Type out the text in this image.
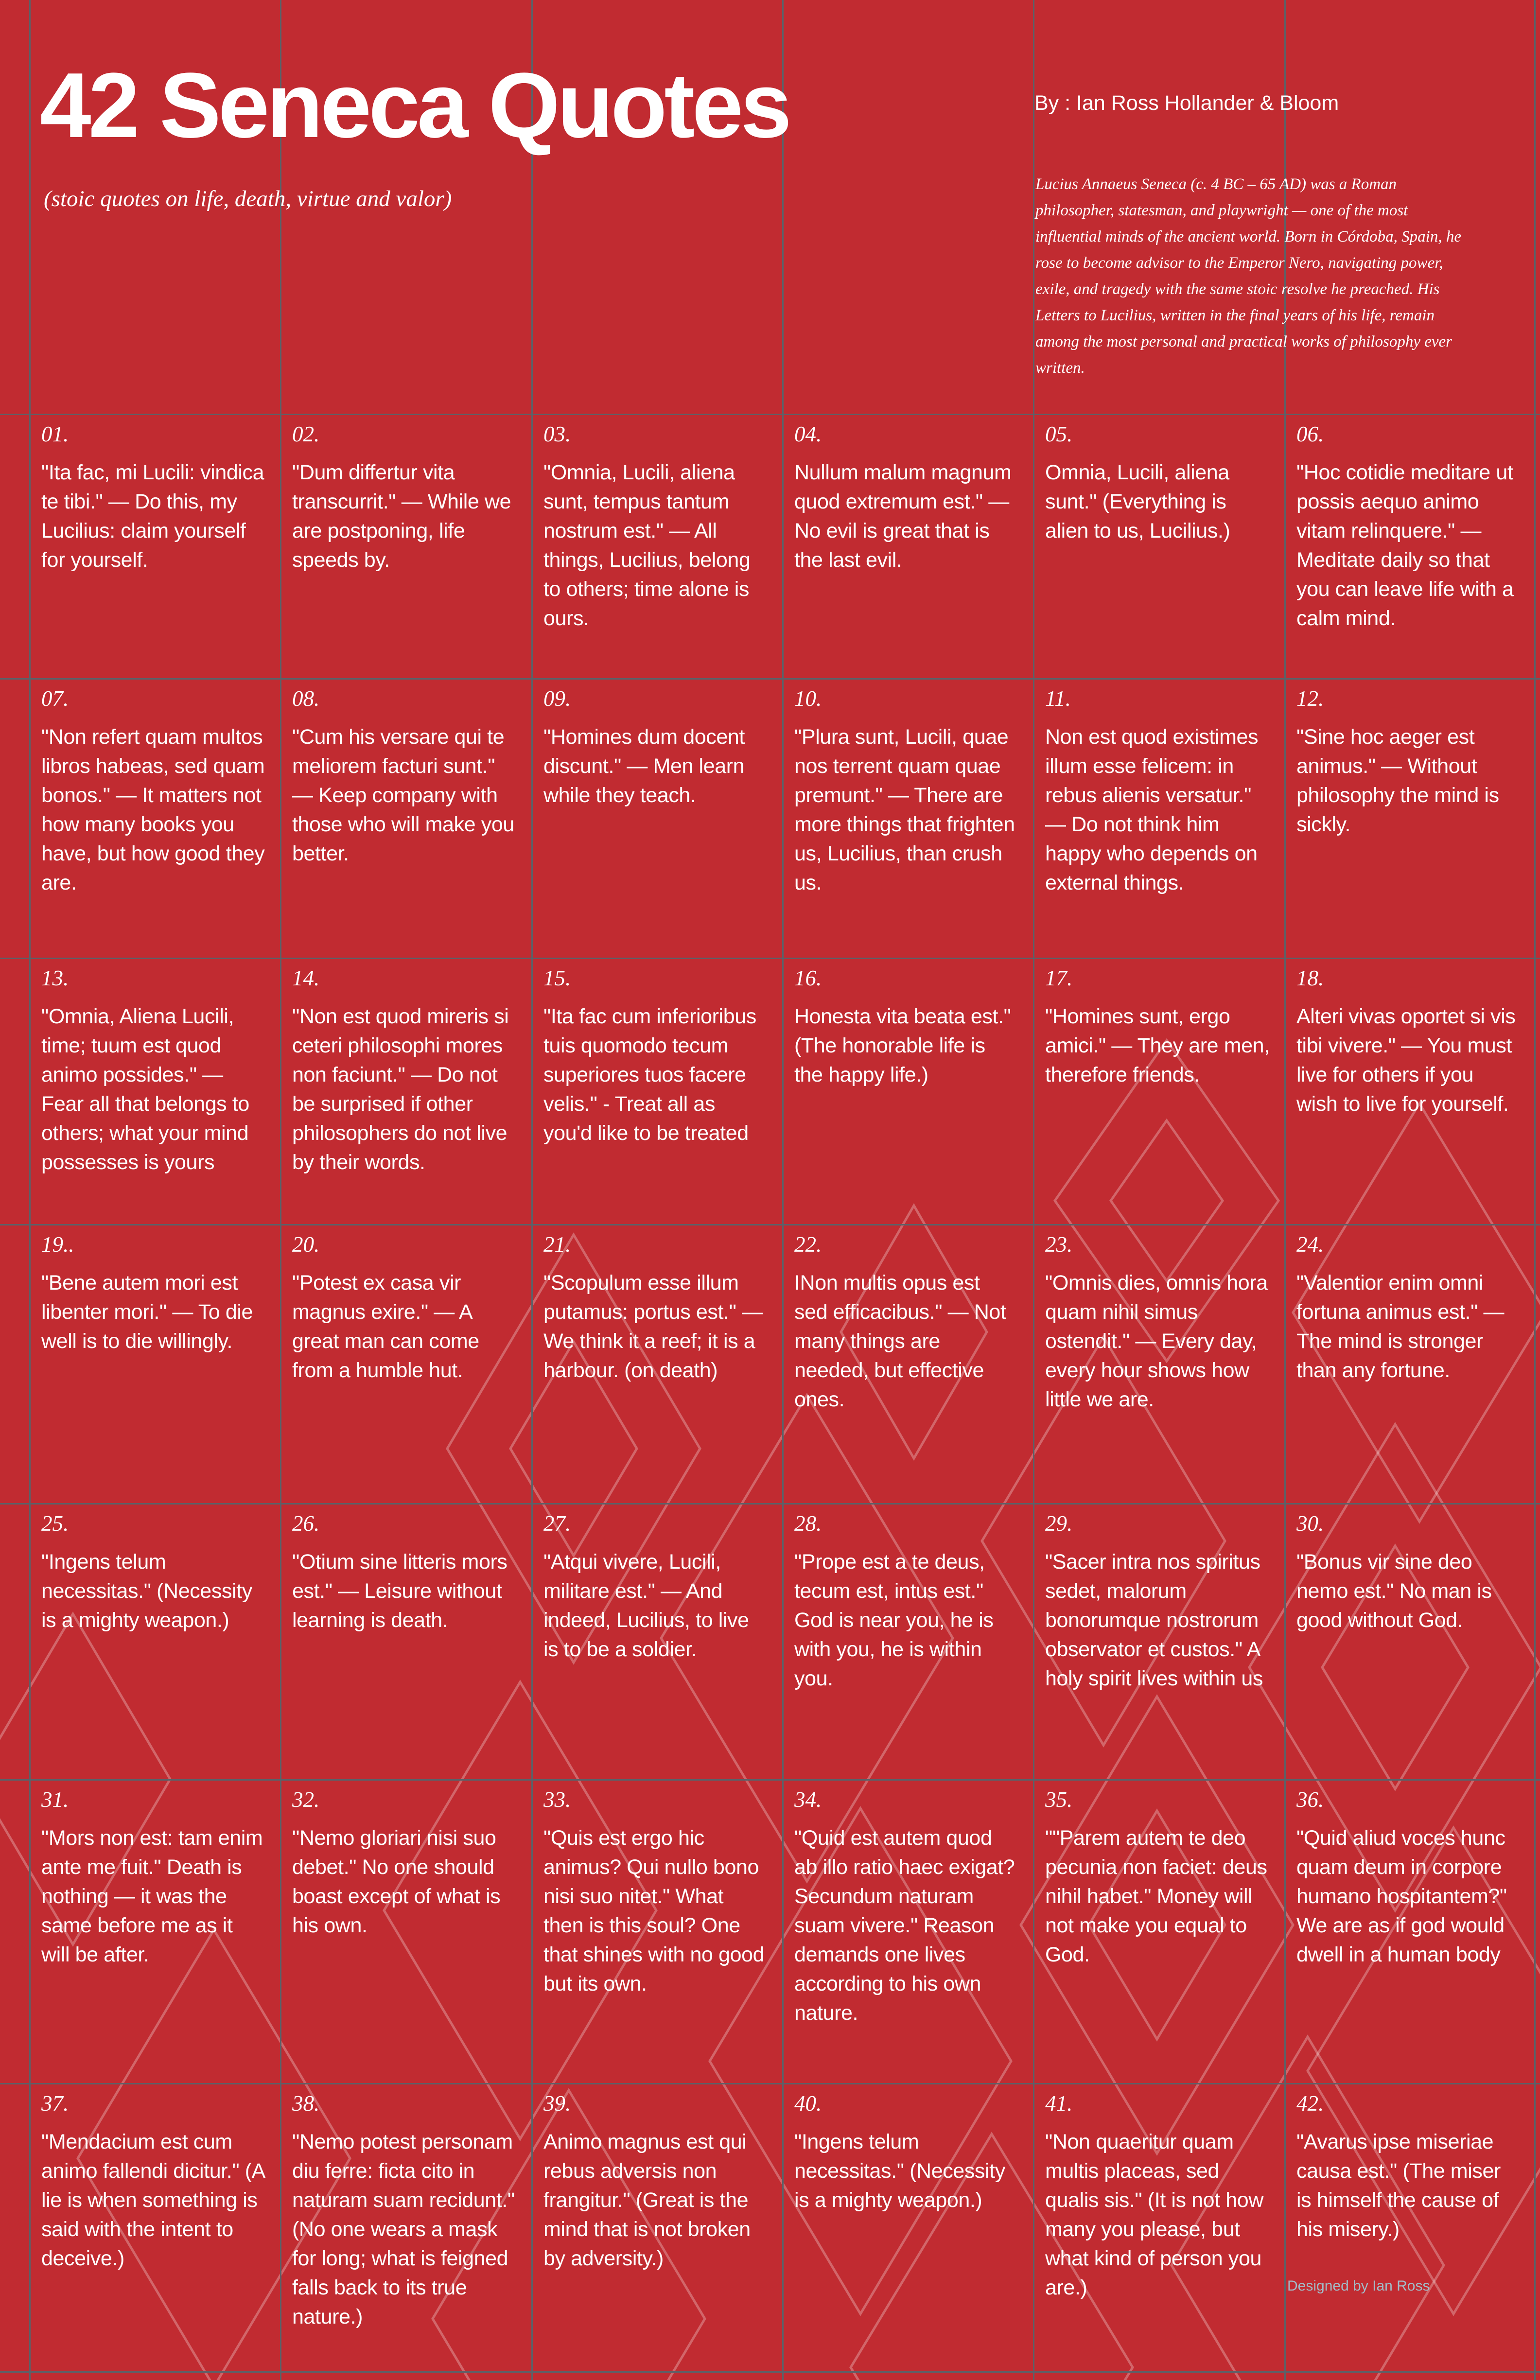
42 Seneca Quotes
(stoic quotes on life, death, virtue and valor)
By : Ian Ross Hollander & Bloom

Lucius Annaeus Seneca (c. 4 BC – 65 AD) was a Roman philosopher, statesman, and playwright — one of the most influential minds of the ancient world. Born in Córdoba, Spain, he rose to become advisor to the Emperor Nero, navigating power, exile, and tragedy with the same stoic resolve he preached. His Letters to Lucilius, written in the final years of his life, remain among the most personal and practical works of philosophy ever written.

01.

"Ita fac, mi Lucili: vindica te tibi." — Do this, my Lucilius: claim yourself for yourself.

02.

"Dum differtur vita transcurrit." — While we are postponing, life speeds by.

03.

"Omnia, Lucili, aliena sunt, tempus tantum nostrum est." — All things, Lucilius, belong to others; time alone is ours.

04.

Nullum malum magnum quod extremum est." — No evil is great that is the last evil.

05.

Omnia, Lucili, aliena sunt." (Everything is alien to us, Lucilius.)

06.

"Hoc cotidie meditare ut possis aequo animo vitam relinquere." — Meditate daily so that you can leave life with a calm mind.

07.

"Non refert quam multos libros habeas, sed quam bonos." — It matters not how many books you have, but how good they are.

08.

"Cum his versare qui te meliorem facturi sunt." — Keep company with those who will make you better.

09.

"Homines dum docent discunt." — Men learn while they teach.

10.

"Plura sunt, Lucili, quae nos terrent quam quae premunt." — There are more things that frighten us, Lucilius, than crush us.

11.

Non est quod existimes illum esse felicem: in rebus alienis versatur." — Do not think him happy who depends on external things.

12.

"Sine hoc aeger est animus." — Without philosophy the mind is sickly.

13.

"Omnia, Aliena Lucili, time; tuum est quod animo possides." — Fear all that belongs to others; what your mind possesses is yours

14.

"Non est quod mireris si ceteri philosophi mores non faciunt." — Do not be surprised if other philosophers do not live by their words.

15.

"Ita fac cum inferioribus tuis quomodo tecum superiores tuos facere velis." - Treat all as you'd like to be treated

16.

Honesta vita beata est." (The honorable life is the happy life.)

17.

"Homines sunt, ergo amici." — They are men, therefore friends.

18.

Alteri vivas oportet si vis tibi vivere." — You must live for others if you wish to live for yourself.

19..

"Bene autem mori est libenter mori." — To die well is to die willingly.

20.

"Potest ex casa vir magnus exire." — A great man can come from a humble hut.

21.

"Scopulum esse illum putamus: portus est." — We think it a reef; it is a harbour. (on death)

22.

INon multis opus est sed efficacibus." — Not many things are needed, but effective ones.

23.

"Omnis dies, omnis hora quam nihil simus ostendit." — Every day, every hour shows how little we are.

24.

"Valentior enim omni fortuna animus est." — The mind is stronger than any fortune.

25.

"Ingens telum necessitas." (Necessity is a mighty weapon.)

26.

"Otium sine litteris mors est." — Leisure without learning is death.

27.

"Atqui vivere, Lucili, militare est." — And indeed, Lucilius, to live is to be a soldier.

28.

"Prope est a te deus, tecum est, intus est." God is near you, he is with you, he is within you.

29.

"Sacer intra nos spiritus sedet, malorum bonorumque nostrorum observator et custos." A holy spirit lives within us

30.

"Bonus vir sine deo nemo est." No man is good without God.

31.

"Mors non est: tam enim ante me fuit." Death is nothing — it was the same before me as it will be after.

32.

"Nemo gloriari nisi suo debet." No one should boast except of what is his own.

33.

"Quis est ergo hic animus? Qui nullo bono nisi suo nitet." What then is this soul? One that shines with no good but its own.

34.

"Quid est autem quod ab illo ratio haec exigat? Secundum naturam suam vivere." Reason demands one lives according to his own nature.

35.

""Parem autem te deo pecunia non faciet: deus nihil habet." Money will not make you equal to God.

36.

"Quid aliud voces hunc quam deum in corpore humano hospitantem?" We are as if god would dwell in a human body

37.

"Mendacium est cum animo fallendi dicitur." (A lie is when something is said with the intent to deceive.)

38.

"Nemo potest personam diu ferre: ficta cito in naturam suam recidunt." (No one wears a mask for long; what is feigned falls back to its true nature.)

39.

Animo magnus est qui rebus adversis non frangitur." (Great is the mind that is not broken by adversity.)

40.

"Ingens telum necessitas." (Necessity is a mighty weapon.)

41.

"Non quaeritur quam multis placeas, sed qualis sis." (It is not how many you please, but what kind of person you are.)

42.

"Avarus ipse miseriae causa est." (The miser is himself the cause of his misery.)

Designed by Ian Ross
